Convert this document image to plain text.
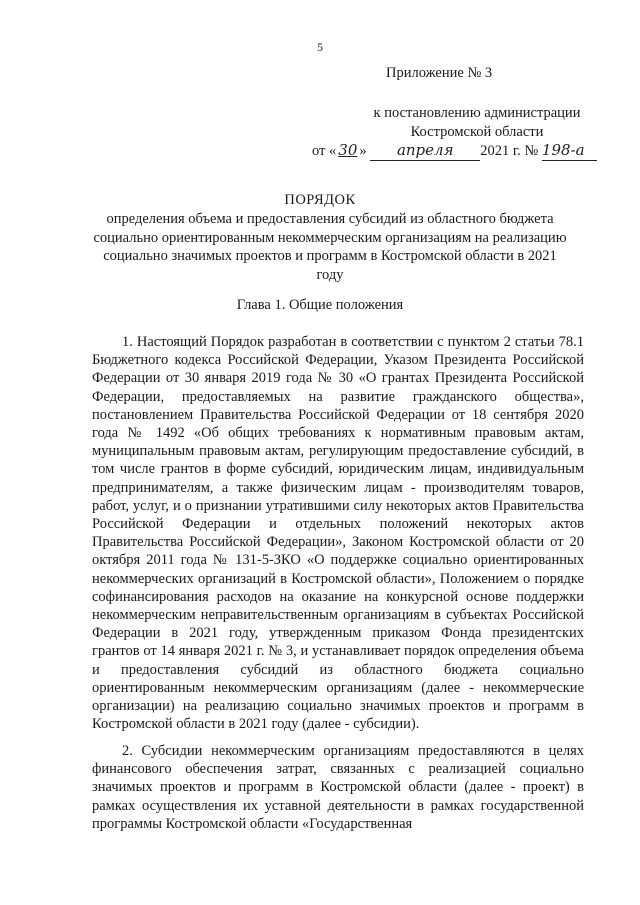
5
Приложение № 3
к постановлению администрации
Костромской области
от « 30 » апреля 2021 г. № 198-а
ПОРЯДОК
определения объема и предоставления субсидий из областного бюджета социально ориентированным некоммерческим организациям на реализацию социально значимых проектов и программ в Костромской области в 2021 году
Глава 1. Общие положения
1. Настоящий Порядок разработан в соответствии с пунктом 2 статьи 78.1 Бюджетного кодекса Российской Федерации, Указом Президента Российской Федерации от 30 января 2019 года № 30 «О грантах Президента Российской Федерации, предоставляемых на развитие гражданского общества», постановлением Правительства Российской Федерации от 18 сентября 2020 года № 1492 «Об общих требованиях к нормативным правовым актам, муниципальным правовым актам, регулирующим предоставление субсидий, в том числе грантов в форме субсидий, юридическим лицам, индивидуальным предпринимателям, а также физическим лицам - производителям товаров, работ, услуг, и о признании утратившими силу некоторых актов Правительства Российской Федерации и отдельных положений некоторых актов Правительства Российской Федерации», Законом Костромской области от 20 октября 2011 года № 131-5-ЗКО «О поддержке социально ориентированных некоммерческих организаций в Костромской области», Положением о порядке софинансирования расходов на оказание на конкурсной основе поддержки некоммерческим неправительственным организациям в субъектах Российской Федерации в 2021 году, утвержденным приказом Фонда президентских грантов от 14 января 2021 г. № 3, и устанавливает порядок определения объема и предоставления субсидий из областного бюджета социально ориентированным некоммерческим организациям (далее - некоммерческие организации) на реализацию социально значимых проектов и программ в Костромской области в 2021 году (далее - субсидии).
2. Субсидии некоммерческим организациям предоставляются в целях финансового обеспечения затрат, связанных с реализацией социально значимых проектов и программ в Костромской области (далее - проект) в рамках осуществления их уставной деятельности в рамках государственной программы Костромской области «Государственная
